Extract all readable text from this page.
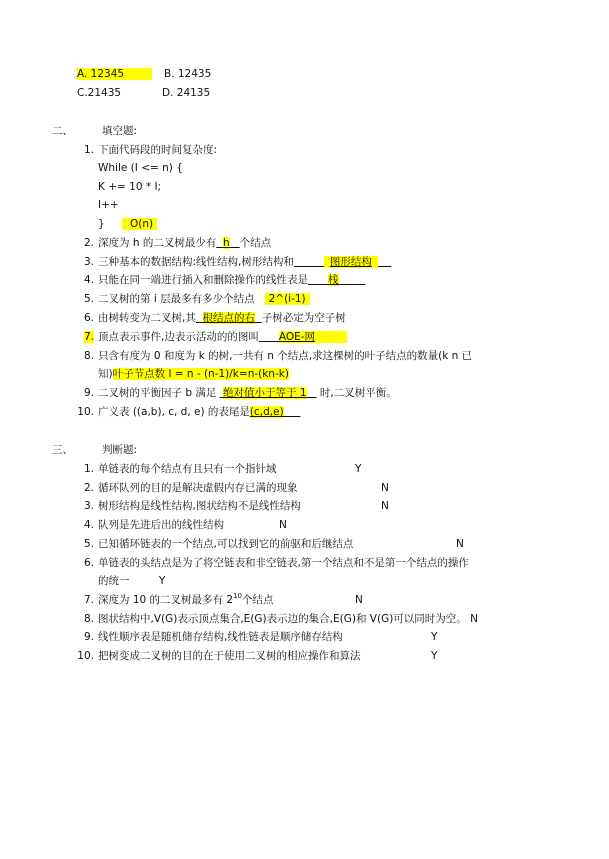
A. 12345	B. 12435
C.21435	D. 24135
二、	填空题:
1. 下面代码段的时间复杂度:
While (I <= n) {
K += 10 * I;
I++
} O(n)
2. 深度为 h 的二叉树最少有 h 个结点
3. 三种基本的数据结构:线性结构,树形结构和	图形结构
4. 只能在同一端进行插入和删除操作的线性表是 栈
5. 二叉树的第 i 层最多有多少个结点 2^(i-1)
6. 由树转变为二叉树,其 根结点的右 子树必定为空子树
7. 顶点表示事件,边表示活动的的图叫 AOE-网
8. 只含有度为 0 和度为 k 的树,一共有 n 个结点,求这棵树的叶子结点的数量(k n 已
知)叶子节点数 l = n - (n-1)/k=n-(kn-k)
9. 二叉树的平衡因子 b 满足  绝对值小于等于 1    时,二叉树平衡。
10. 广义表 ((a,b), c, d, e) 的表尾是(c,d,e)
三、	判断题:
1. 单链表的每个结点有且只有一个指针域	Y
2. 循环队列的目的是解决虚假内存已满的现象	N
3. 树形结构是线性结构,图状结构不是线性结构	N
4. 队列是先进后出的线性结构	N
5. 已知循环链表的一个结点,可以找到它的前驱和后继结点	N
6. 单链表的头结点是为了将空链表和非空链表,第一个结点和不是第一个结点的操作
的统一	Y
7. 深度为 10 的二叉树最多有 $2^{10}$个结点	N
8. 图状结构中,V(G)表示顶点集合,E(G)表示边的集合,E(G)和 V(G)可以同时为空。 N
9. 线性顺序表是随机储存结构,线性链表是顺序储存结构	Y
10. 把树变成二叉树的目的在于使用二叉树的相应操作和算法	Y
